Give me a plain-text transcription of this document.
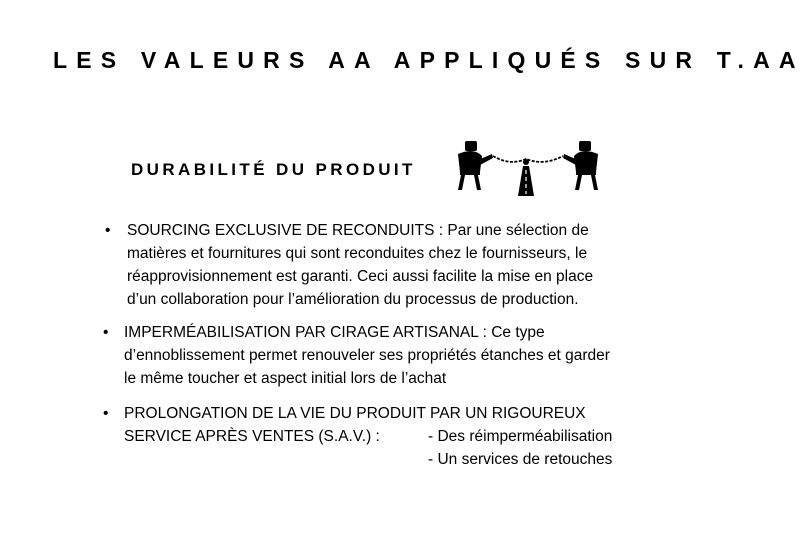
LES VALEURS AA APPLIQUÉS SUR T.AA
DURABILITÉ DU PRODUIT
• SOURCING EXCLUSIVE DE RECONDUITS : Par une sélection de
matières et fournitures qui sont reconduites chez le fournisseurs, le
réapprovisionnement est garanti. Ceci aussi facilite la mise en place
d’un collaboration pour l’amélioration du processus de production.
• IMPERMÉABILISATION PAR CIRAGE ARTISANAL : Ce type
d’ennoblissement permet renouveler ses propriétés étanches et garder
le même toucher et aspect initial lors de l’achat
• PROLONGATION DE LA VIE DU PRODUIT PAR UN RIGOUREUX
SERVICE APRÈS VENTES (S.A.V.) :	- Des réimperméabilisation
- Un services de retouches
